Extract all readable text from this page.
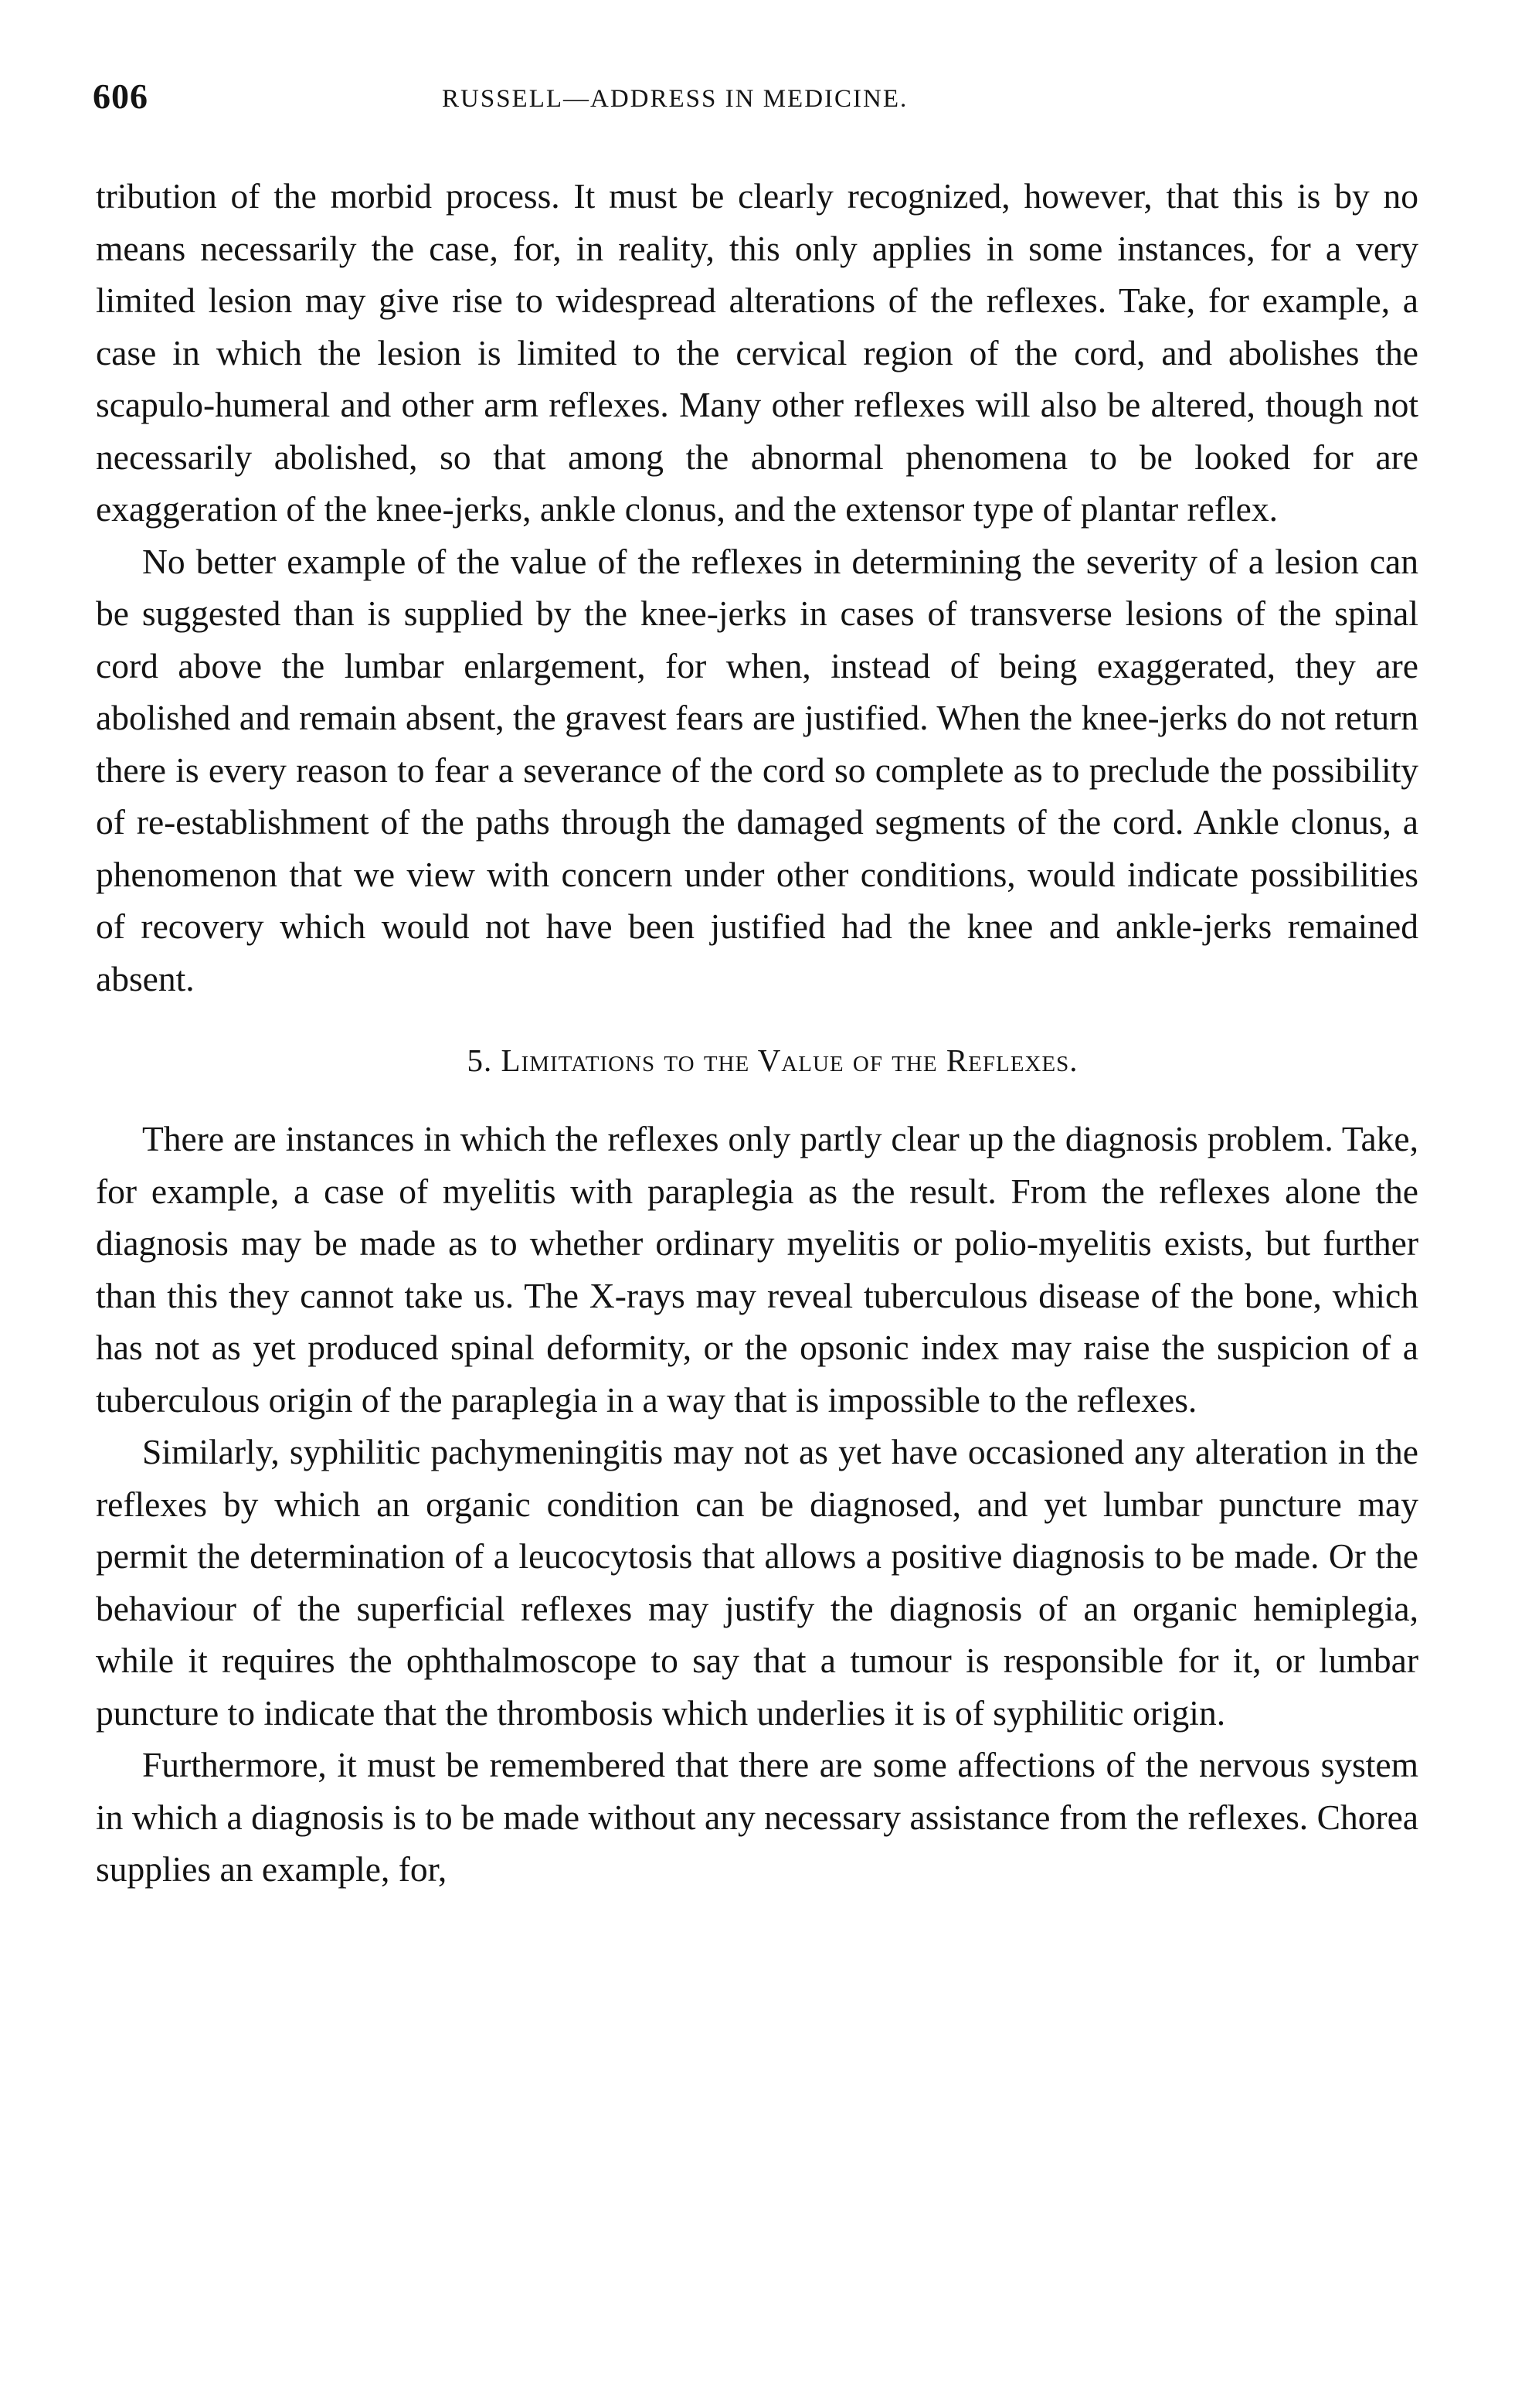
606	RUSSELL—ADDRESS IN MEDICINE.

tribution of the morbid process. It must be clearly recognized, however, that this is by no means necessarily the case, for, in reality, this only applies in some instances, for a very limited lesion may give rise to widespread alterations of the reflexes. Take, for example, a case in which the lesion is limited to the cervical region of the cord, and abolishes the scapulo-humeral and other arm reflexes. Many other reflexes will also be altered, though not necessarily abolished, so that among the abnormal phenomena to be looked for are exaggeration of the knee-jerks, ankle clonus, and the extensor type of plantar reflex.

No better example of the value of the reflexes in determining the severity of a lesion can be suggested than is supplied by the knee-jerks in cases of transverse lesions of the spinal cord above the lumbar enlargement, for when, instead of being exaggerated, they are abolished and remain absent, the gravest fears are justified. When the knee-jerks do not return there is every reason to fear a severance of the cord so complete as to preclude the possibility of re-establishment of the paths through the damaged segments of the cord. Ankle clonus, a phenomenon that we view with concern under other conditions, would indicate possibilities of recovery which would not have been justified had the knee and ankle-jerks remained absent.

5. Limitations to the Value of the Reflexes.

There are instances in which the reflexes only partly clear up the diagnosis problem. Take, for example, a case of myelitis with paraplegia as the result. From the reflexes alone the diagnosis may be made as to whether ordinary myelitis or polio-myelitis exists, but further than this they cannot take us. The X-rays may reveal tuberculous disease of the bone, which has not as yet produced spinal deformity, or the opsonic index may raise the suspicion of a tuberculous origin of the paraplegia in a way that is impossible to the reflexes.

Similarly, syphilitic pachymeningitis may not as yet have occasioned any alteration in the reflexes by which an organic condition can be diagnosed, and yet lumbar puncture may permit the determination of a leucocytosis that allows a positive diagnosis to be made. Or the behaviour of the superficial reflexes may justify the diagnosis of an organic hemiplegia, while it requires the ophthalmoscope to say that a tumour is responsible for it, or lumbar puncture to indicate that the thrombosis which underlies it is of syphilitic origin.

Furthermore, it must be remembered that there are some affections of the nervous system in which a diagnosis is to be made without any necessary assistance from the reflexes. Chorea supplies an example, for,
